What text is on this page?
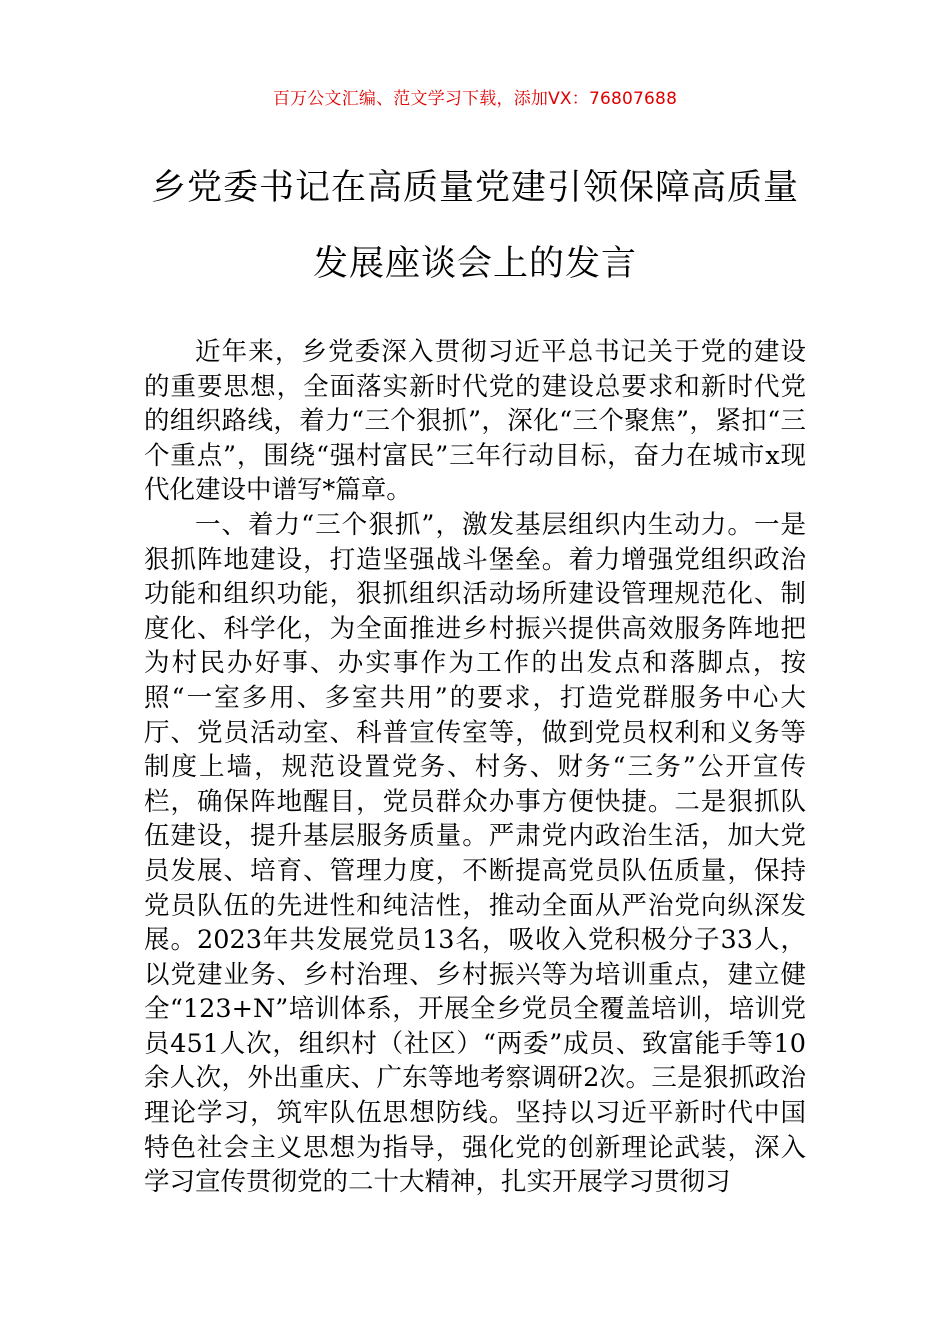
百万公文汇编、范文学习下载，添加VX：76807688
乡党委书记在高质量党建引领保障高质量
发展座谈会上的发言

近年来，乡党委深入贯彻习近平总书记关于党的建设的重要思想，全面落实新时代党的建设总要求和新时代党的组织路线，着力“三个狠抓”，深化“三个聚焦”，紧扣“三个重点”，围绕“强村富民”三年行动目标，奋力在城市x现代化建设中谱写*篇章。

一、着力“三个狠抓”，激发基层组织内生动力。一是狠抓阵地建设，打造坚强战斗堡垒。着力增强党组织政治功能和组织功能，狠抓组织活动场所建设管理规范化、制度化、科学化，为全面推进乡村振兴提供高效服务阵地把为村民办好事、办实事作为工作的出发点和落脚点，按照“一室多用、多室共用”的要求，打造党群服务中心大厅、党员活动室、科普宣传室等，做到党员权利和义务等制度上墙，规范设置党务、村务、财务“三务”公开宣传栏，确保阵地醒目，党员群众办事方便快捷。二是狠抓队伍建设，提升基层服务质量。严肃党内政治生活，加大党员发展、培育、管理力度，不断提高党员队伍质量，保持党员队伍的先进性和纯洁性，推动全面从严治党向纵深发展。2023年共发展党员13名，吸收入党积极分子33人，以党建业务、乡村治理、乡村振兴等为培训重点，建立健全“123+N”培训体系，开展全乡党员全覆盖培训，培训党员451人次，组织村（社区）“两委”成员、致富能手等10余人次，外出重庆、广东等地考察调研2次。三是狠抓政治理论学习，筑牢队伍思想防线。坚持以习近平新时代中国特色社会主义思想为指导，强化党的创新理论武装，深入学习宣传贯彻党的二十大精神，扎实开展学习贯彻习
